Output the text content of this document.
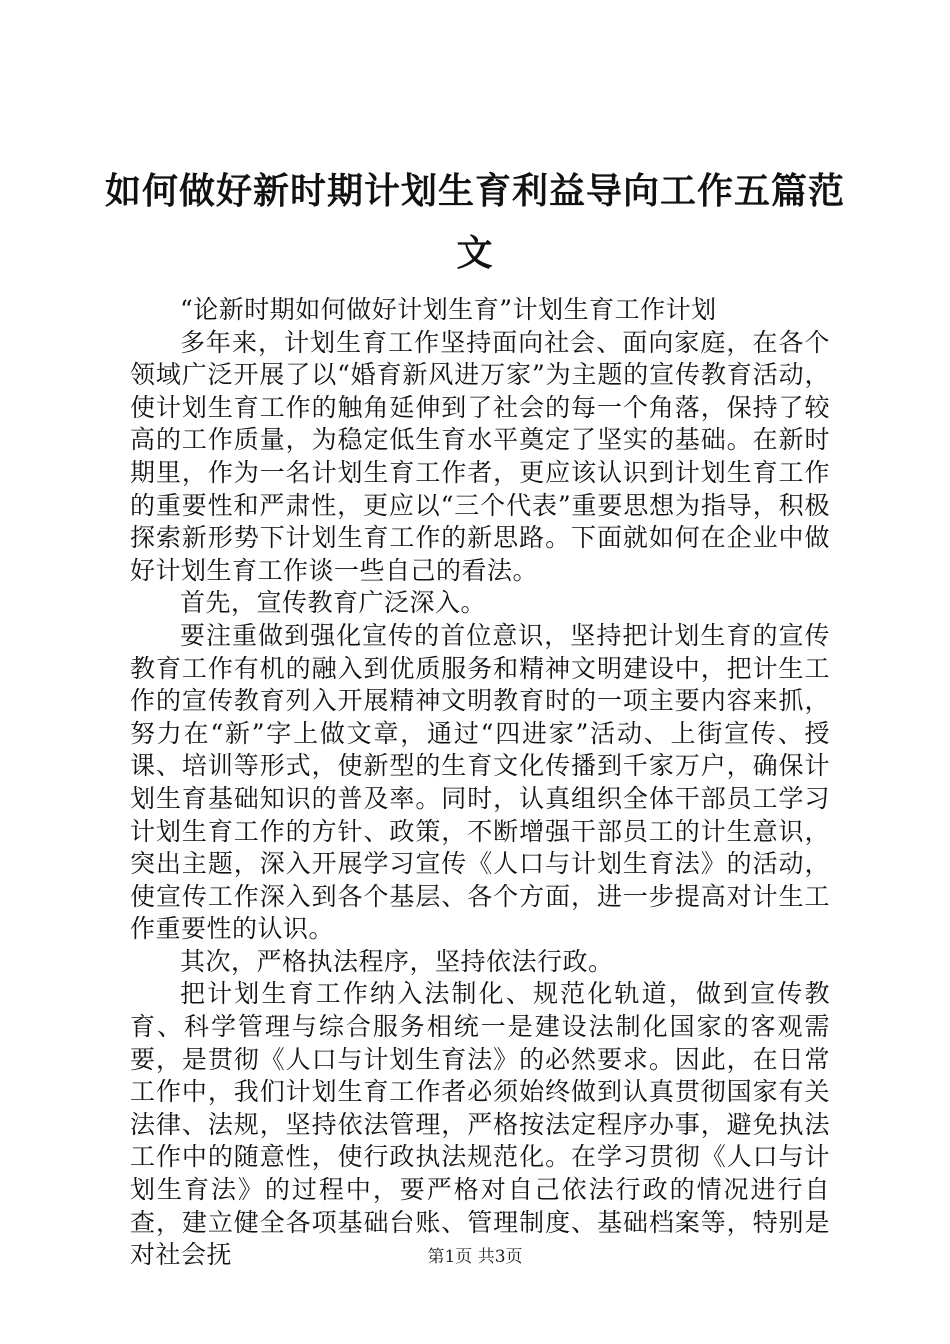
如何做好新时期计划生育利益导向工作五篇范文

“论新时期如何做好计划生育”计划生育工作计划

多年来，计划生育工作坚持面向社会、面向家庭，在各个领域广泛开展了以“婚育新风进万家”为主题的宣传教育活动，使计划生育工作的触角延伸到了社会的每一个角落，保持了较高的工作质量，为稳定低生育水平奠定了坚实的基础。在新时期里，作为一名计划生育工作者，更应该认识到计划生育工作的重要性和严肃性，更应以“三个代表”重要思想为指导，积极探索新形势下计划生育工作的新思路。下面就如何在企业中做好计划生育工作谈一些自己的看法。

首先，宣传教育广泛深入。

要注重做到强化宣传的首位意识，坚持把计划生育的宣传教育工作有机的融入到优质服务和精神文明建设中，把计生工作的宣传教育列入开展精神文明教育时的一项主要内容来抓，努力在“新”字上做文章，通过“四进家”活动、上街宣传、授课、培训等形式，使新型的生育文化传播到千家万户，确保计划生育基础知识的普及率。同时，认真组织全体干部员工学习计划生育工作的方针、政策，不断增强干部员工的计生意识，突出主题，深入开展学习宣传《人口与计划生育法》的活动，使宣传工作深入到各个基层、各个方面，进一步提高对计生工作重要性的认识。

其次，严格执法程序，坚持依法行政。

把计划生育工作纳入法制化、规范化轨道，做到宣传教育、科学管理与综合服务相统一是建设法制化国家的客观需要，是贯彻《人口与计划生育法》的必然要求。因此，在日常工作中，我们计划生育工作者必须始终做到认真贯彻国家有关法律、法规，坚持依法管理，严格按法定程序办事，避免执法工作中的随意性，使行政执法规范化。在学习贯彻《人口与计划生育法》的过程中，要严格对自己依法行政的情况进行自查，建立健全各项基础台账、管理制度、基础档案等，特别是对社会抚	第1页 共3页
